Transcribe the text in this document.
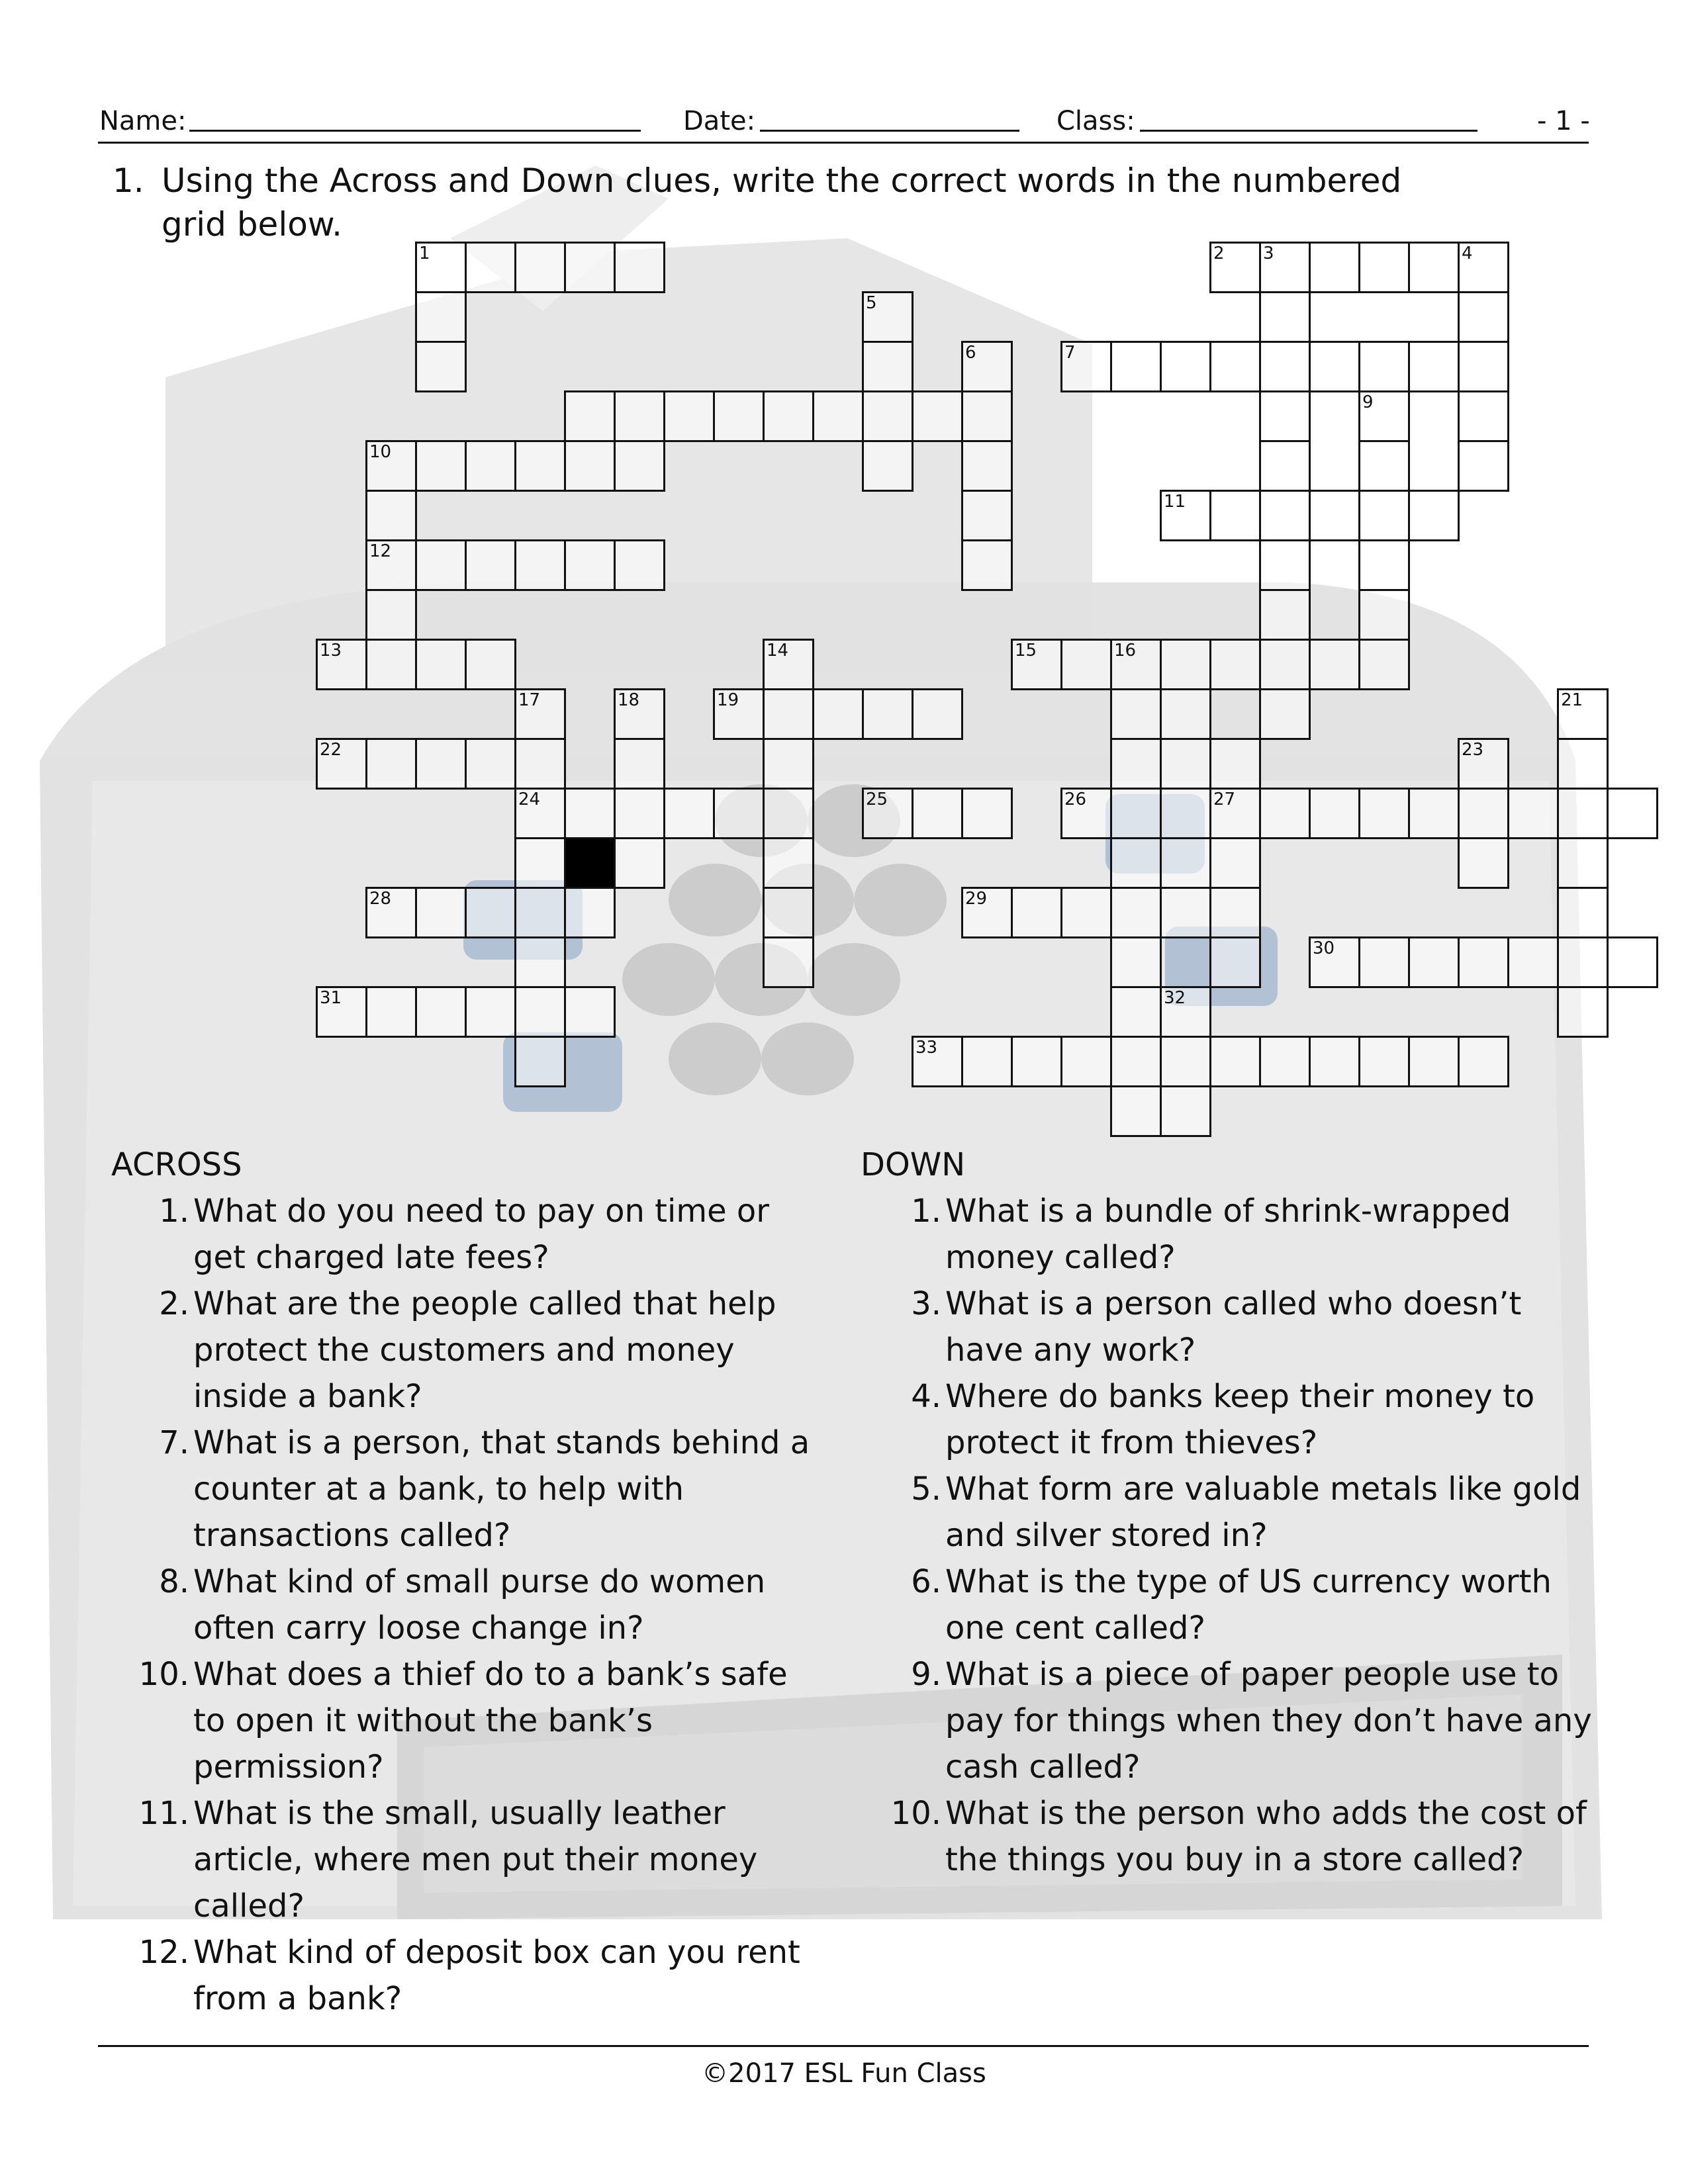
Name:	Date:	Class:	- 1 -
1. Using the Across and Down clues, write the correct words in the numbered grid below.
1	2 3
7
10
11
12
13	15	16
19
22
24	25	26	27
28	29
30
31
33
4
5
6
9
14
21
23
17	18
32
ACROSS
1. What do you need to pay on time or get charged late fees?
2. What are the people called that help protect the customers and money inside a bank?
7. What is a person, that stands behind a counter at a bank, to help with transactions called?
8. What kind of small purse do women often carry loose change in?
10. What does a thief do to a bank’s safe to open it without the bank’s permission?
11. What is the small, usually leather article, where men put their money called?
12. What kind of deposit box can you rent from a bank?
DOWN
1. What is a bundle of shrink-wrapped money called?
3. What is a person called who doesn’t have any work?
4. Where do banks keep their money to protect it from thieves?
5. What form are valuable metals like gold and silver stored in?
6. What is the type of US currency worth one cent called?
9. What is a piece of paper people use to pay for things when they don’t have any cash called?
10. What is the person who adds the cost of the things you buy in a store called?
©2017 ESL Fun Class
